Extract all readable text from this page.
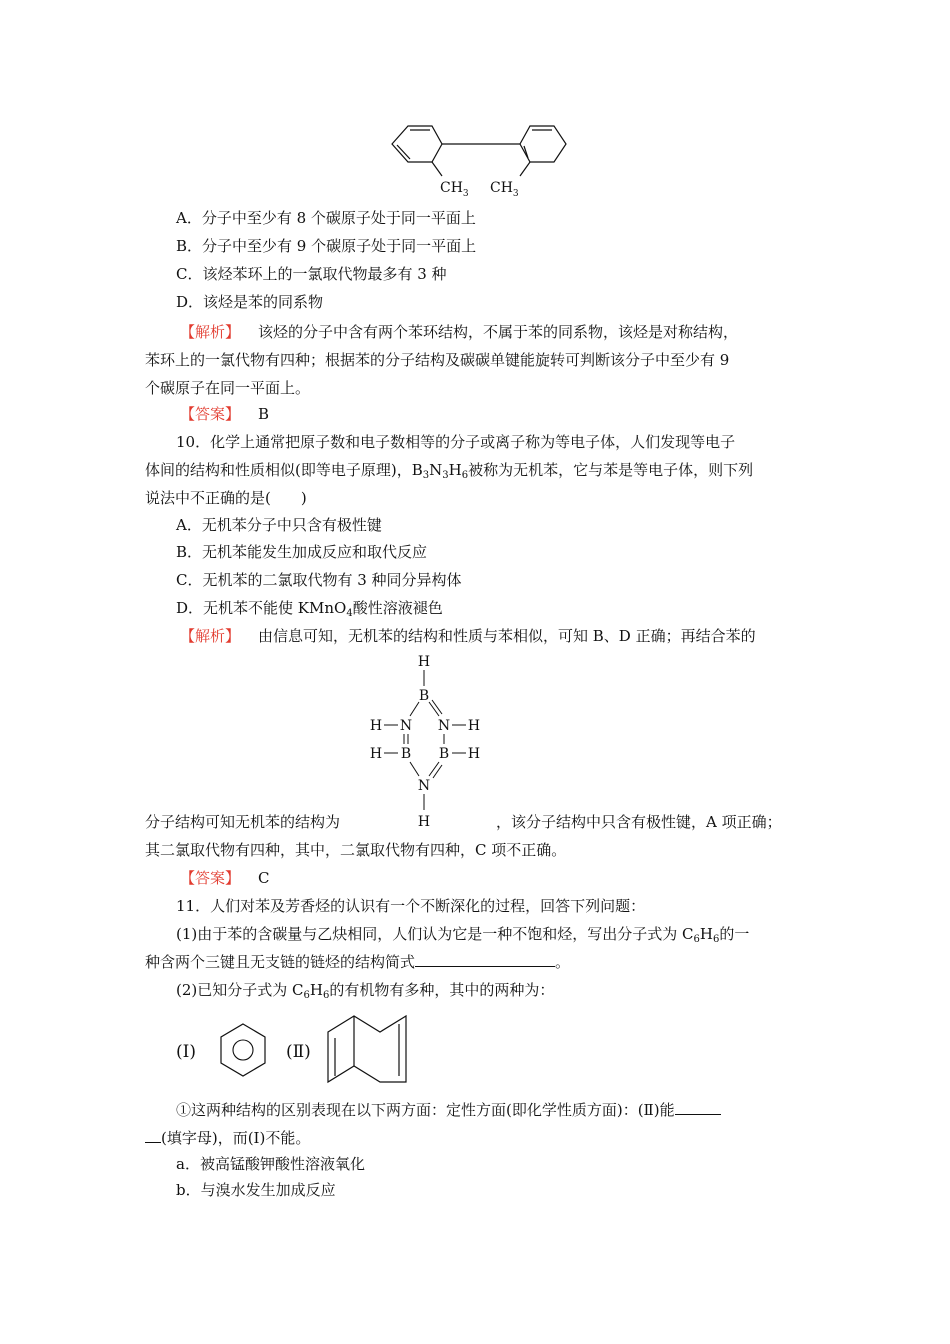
$CH_3$ $CH_3$
A．分子中至少有 8 个碳原子处于同一平面上
B．分子中至少有 9 个碳原子处于同一平面上
C．该烃苯环上的一氯取代物最多有 3 种
D．该烃是苯的同系物
【解析】 该烃的分子中含有两个苯环结构，不属于苯的同系物，该烃是对称结构，
苯环上的一氯代物有四种；根据苯的分子结构及碳碳单键能旋转可判断该分子中至少有 9
个碳原子在同一平面上。
【答案】 B
10．化学上通常把原子数和电子数相等的分子或离子称为等电子体，人们发现等电子
体间的结构和性质相似(即等电子原理)，$B_3N_3H_6$被称为无机苯，它与苯是等电子体，则下列
说法中不正确的是(　　)
A．无机苯分子中只含有极性键
B．无机苯能发生加成反应和取代反应
C．无机苯的二氯取代物有 3 种同分异构体
D．无机苯不能使 KMnO$_4$酸性溶液褪色
【解析】 由信息可知，无机苯的结构和性质与苯相似，可知 B、D 正确；再结合苯的
H
B
N N
H	H
B B
H	H
N
H
分子结构可知无机苯的结构为	，该分子结构中只含有极性键，A 项正确；
其二氯取代物有四种，其中，二氯取代物有四种，C 项不正确。
【答案】 C
11．人们对苯及芳香烃的认识有一个不断深化的过程，回答下列问题：
(1)由于苯的含碳量与乙炔相同，人们认为它是一种不饱和烃，写出分子式为 $C_6H_6$的一
种含两个三键且无支链的链烃的结构简式	。
(2)已知分子式为 $C_6H_6$的有机物有多种，其中的两种为：
(Ⅰ)	(Ⅱ)
①这两种结构的区别表现在以下两方面：定性方面(即化学性质方面)：(Ⅱ)能
(填字母)，而(Ⅰ)不能。
a．被高锰酸钾酸性溶液氧化
b．与溴水发生加成反应
